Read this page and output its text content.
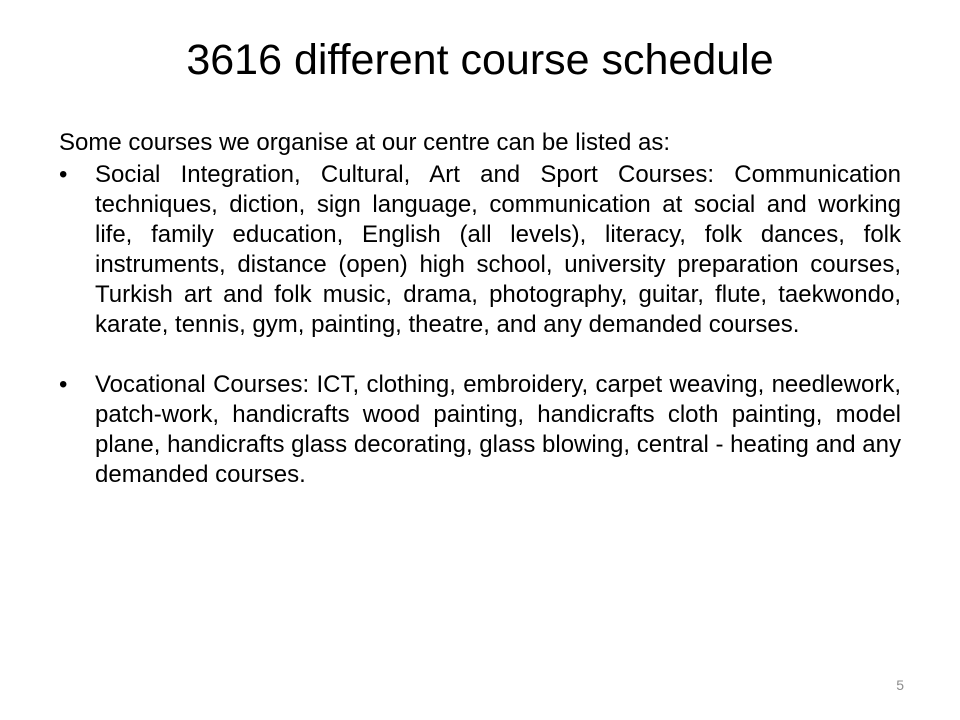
3616 different course schedule

Some courses we organise at our centre can be listed as:

•	Social Integration, Cultural, Art and Sport Courses: Communication techniques, diction, sign language, communication at social and working life, family education, English (all levels), literacy, folk dances, folk instruments, distance (open) high school, university preparation courses, Turkish art and folk music, drama, photography, guitar, flute, taekwondo, karate, tennis, gym, painting, theatre, and any demanded courses.
•	Vocational Courses: ICT, clothing, embroidery, carpet weaving, needlework, patch-work, handicrafts wood painting, handicrafts cloth painting, model plane, handicrafts glass decorating, glass blowing, central - heating and any demanded courses.
5
